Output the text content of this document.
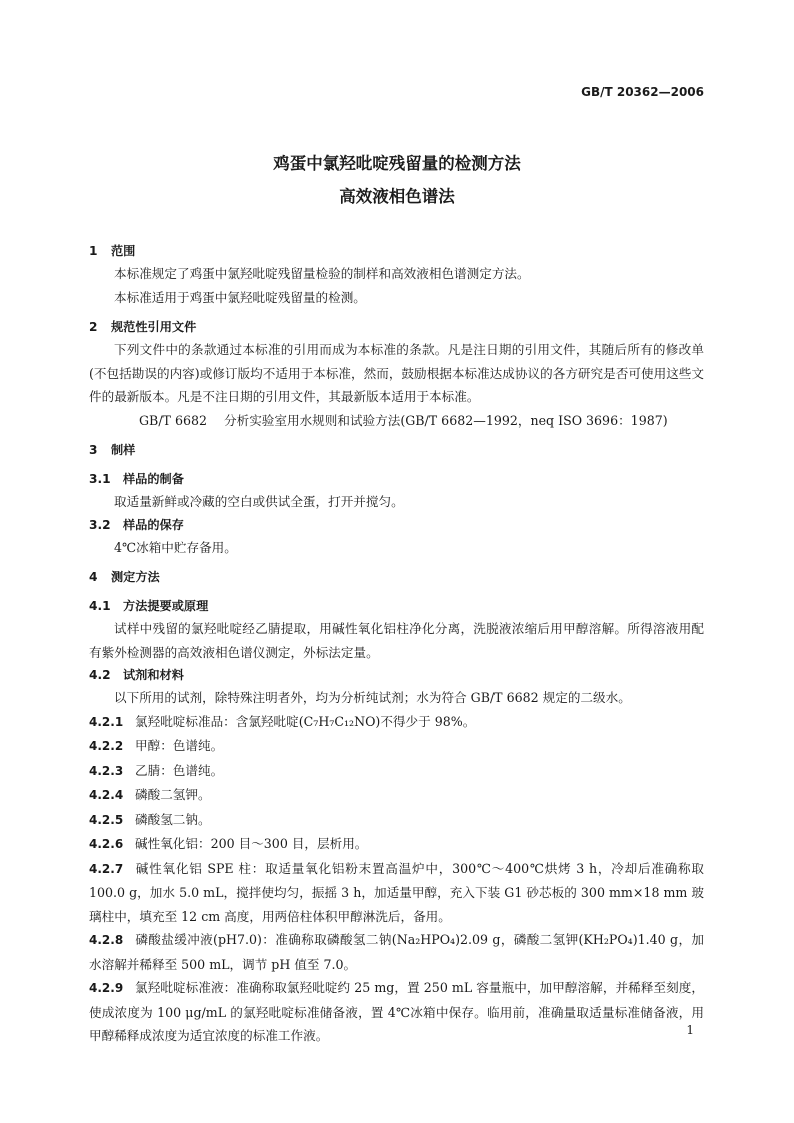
GB/T 20362—2006
鸡蛋中氯羟吡啶残留量的检测方法
高效液相色谱法
1 范围

本标准规定了鸡蛋中氯羟吡啶残留量检验的制样和高效液相色谱测定方法。

本标准适用于鸡蛋中氯羟吡啶残留量的检测。

2 规范性引用文件

下列文件中的条款通过本标准的引用而成为本标准的条款。凡是注日期的引用文件，其随后所有的修改单(不包括勘误的内容)或修订版均不适用于本标准，然而，鼓励根据本标准达成协议的各方研究是否可使用这些文件的最新版本。凡是不注日期的引用文件，其最新版本适用于本标准。

GB/T 6682 分析实验室用水规则和试验方法(GB/T 6682—1992，neq ISO 3696：1987)

3 制样
3.1 样品的制备

取适量新鲜或冷藏的空白或供试全蛋，打开并搅匀。

3.2 样品的保存

4℃冰箱中贮存备用。

4 测定方法
4.1 方法提要或原理

试样中残留的氯羟吡啶经乙腈提取，用碱性氧化铝柱净化分离，洗脱液浓缩后用甲醇溶解。所得溶液用配有紫外检测器的高效液相色谱仪测定，外标法定量。

4.2 试剂和材料

以下所用的试剂，除特殊注明者外，均为分析纯试剂；水为符合 GB/T 6682 规定的二级水。

4.2.1 氯羟吡啶标准品：含氯羟吡啶(C₇H₇C₁₂NO)不得少于 98%。

4.2.2 甲醇：色谱纯。

4.2.3 乙腈：色谱纯。

4.2.4 磷酸二氢钾。

4.2.5 磷酸氢二钠。

4.2.6 碱性氧化铝：200 目～300 目，层析用。

4.2.7 碱性氧化铝 SPE 柱：取适量氧化铝粉末置高温炉中，300℃～400℃烘烤 3 h，冷却后准确称取 100.0 g，加水 5.0 mL，搅拌使均匀，振摇 3 h，加适量甲醇，充入下装 G1 砂芯板的 300 mm×18 mm 玻璃柱中，填充至 12 cm 高度，用两倍柱体积甲醇淋洗后，备用。

4.2.8 磷酸盐缓冲液(pH7.0)：准确称取磷酸氢二钠(Na₂HPO₄)2.09 g，磷酸二氢钾(KH₂PO₄)1.40 g，加水溶解并稀释至 500 mL，调节 pH 值至 7.0。

4.2.9 氯羟吡啶标准液：准确称取氯羟吡啶约 25 mg，置 250 mL 容量瓶中，加甲醇溶解，并稀释至刻度，使成浓度为 100 μg/mL 的氯羟吡啶标准储备液，置 4℃冰箱中保存。临用前，准确量取适量标准储备液，用甲醇稀释成浓度为适宜浓度的标准工作液。	1
